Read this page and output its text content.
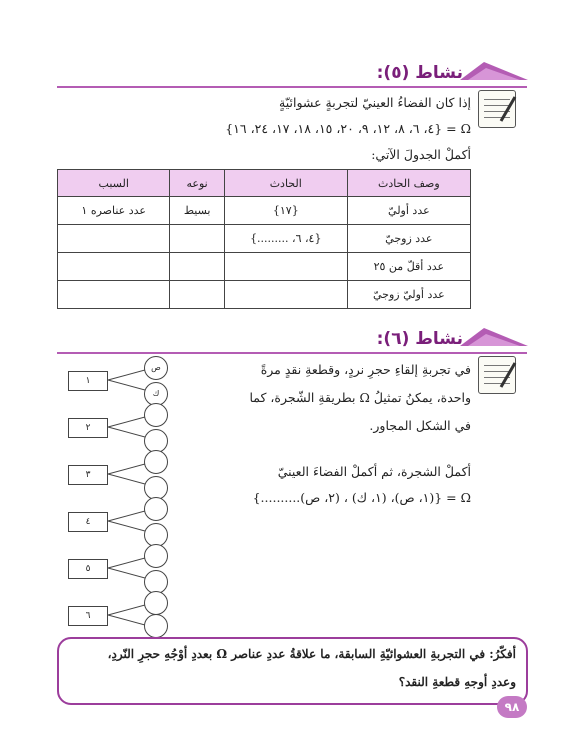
نشاط (٥):
إذا كان الفضاءُ العينيّ لتجربةٍ عشوائيّةٍ
Ω = {٤، ٦، ٨، ١٢، ٩، ٢٠، ١٥، ١٨، ١٧، ٢٤، ١٦}
أكملْ الجدولَ الآتي:
وصف الحادث	الحادث	نوعه	السبب
عدد أوليّ	{١٧}	بسيط	عدد عناصره ١
عدد زوجيّ	{٤، ٦، .........}		
عدد أقلّ من ٢٥			
عدد أوليّ زوجيّ			
نشاط (٦):
في تجربةِ إلقاءِ حجرِ نردٍ، وقطعةِ نقدٍ مرةً
واحدة، يمكنُ تمثيلُ Ω بطريقةِ الشّجرة، كما
في الشكل المجاور.
أكملْ الشجرة، ثم أكملْ الفضاءَ العينيّ
Ω = {(١، ص)، (١، ك) ، (٢، ص)..........}
١
٢
٣
٤
٥
٦
ص
ك
أفكّرُ: في التجربةِ العشوائيّةِ السابقة، ما علاقةُ عددِ عناصر Ω بعددِ أوْجُهِ حجرِ النّردِ،
وعددِ أوجهِ قطعةِ النقد؟
٩٨
